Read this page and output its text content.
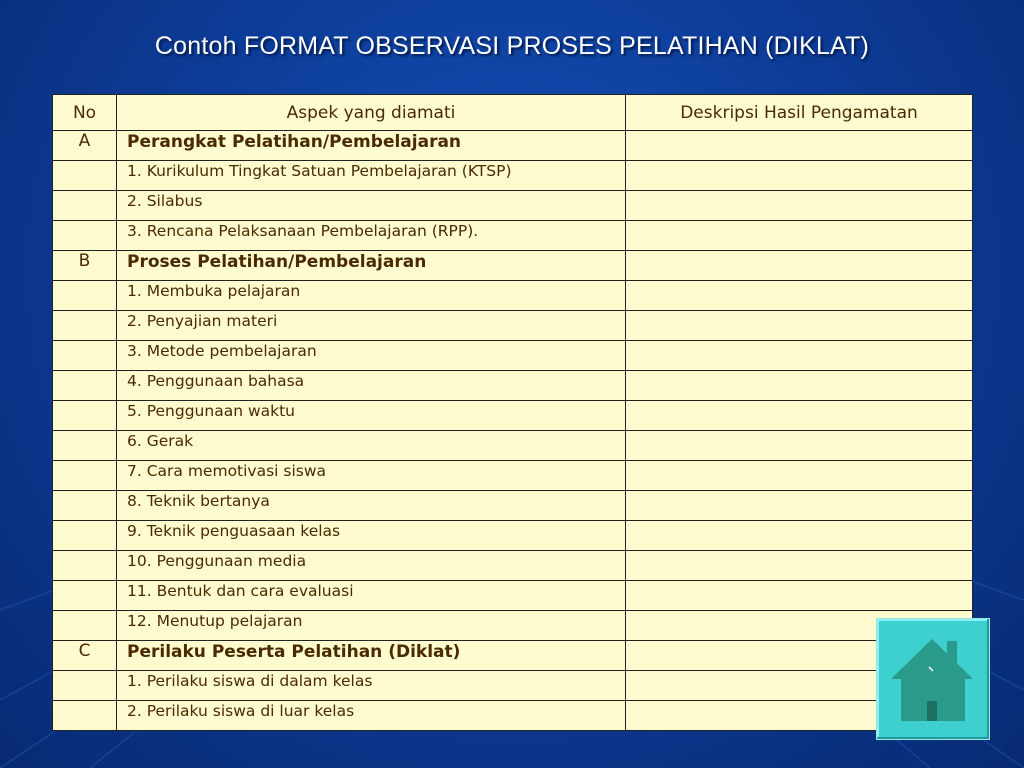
Contoh FORMAT OBSERVASI PROSES PELATIHAN (DIKLAT)
No	Aspek yang diamati	Deskripsi Hasil Pengamatan
A	Perangkat Pelatihan/Pembelajaran	
	1. Kurikulum Tingkat Satuan Pembelajaran (KTSP)	
	2. Silabus	
	3. Rencana Pelaksanaan Pembelajaran (RPP).	
B	Proses Pelatihan/Pembelajaran	
	1. Membuka pelajaran	
	2. Penyajian materi	
	3. Metode pembelajaran	
	4. Penggunaan bahasa	
	5. Penggunaan waktu	
	6. Gerak	
	7. Cara memotivasi siswa	
	8. Teknik bertanya	
	9. Teknik penguasaan kelas	
	10. Penggunaan media	
	11. Bentuk dan cara evaluasi	
	12. Menutup pelajaran	
C	Perilaku Peserta Pelatihan (Diklat)	
	1. Perilaku siswa di dalam kelas	
	2. Perilaku siswa di luar kelas	
